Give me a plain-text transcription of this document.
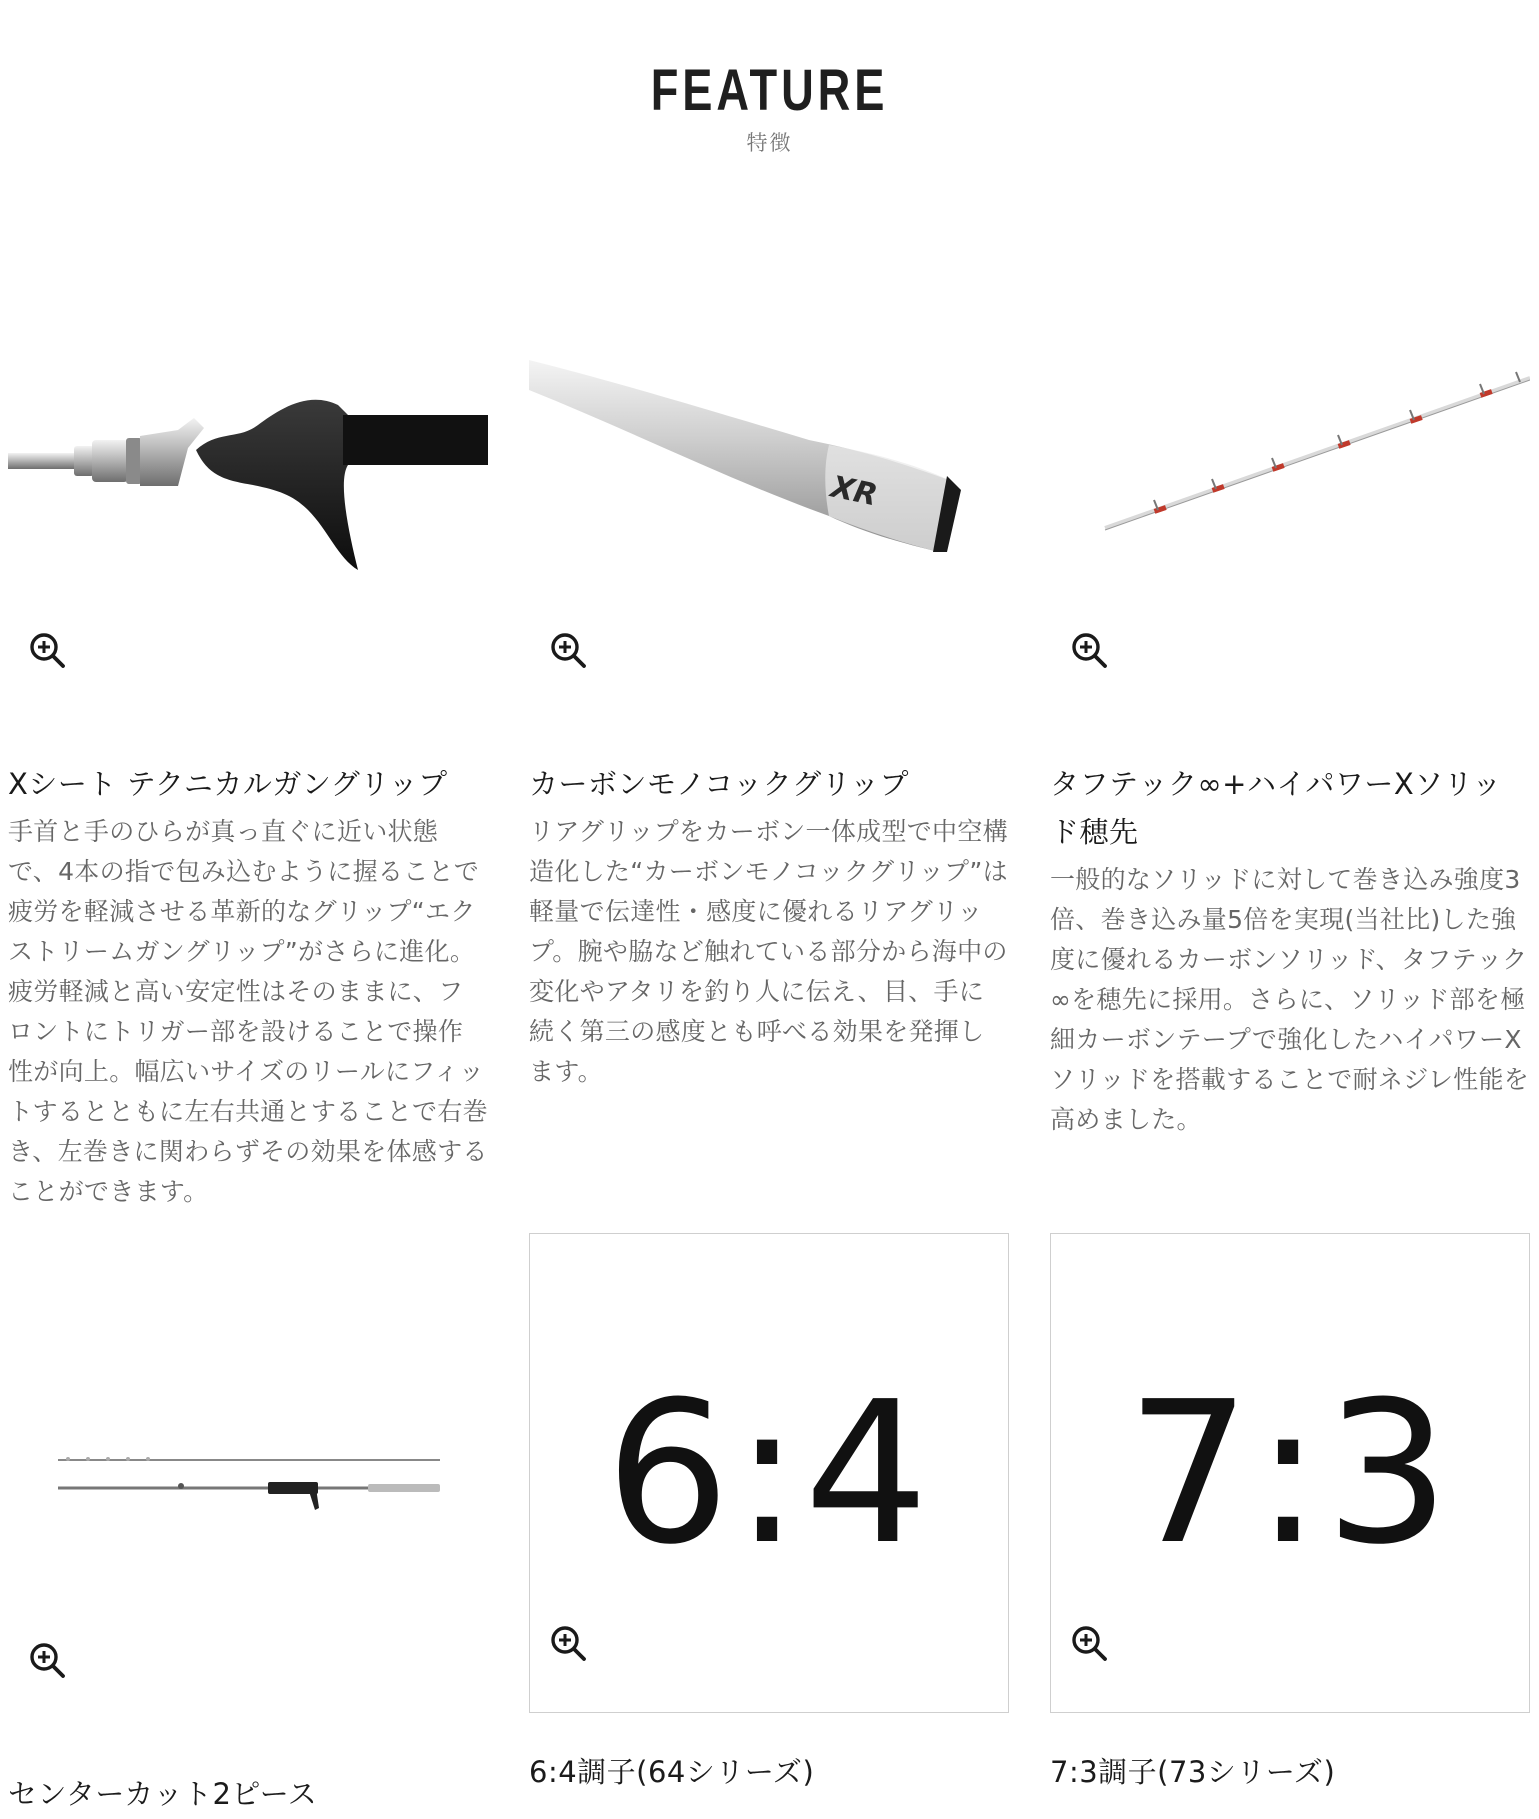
FEATURE
特徴
Xシート テクニカルガングリップ

手首と手のひらが真っ直ぐに近い状態で、4本の指で包み込むように握ることで疲労を軽減させる革新的なグリップ“エクストリームガングリップ”がさらに進化。疲労軽減と高い安定性はそのままに、フロントにトリガー部を設けることで操作性が向上。幅広いサイズのリールにフィットするとともに左右共通とすることで右巻き、左巻きに関わらずその効果を体感することができます。

XR
カーボンモノコックグリップ

リアグリップをカーボン一体成型で中空構造化した“カーボンモノコックグリップ”は軽量で伝達性・感度に優れるリアグリップ。腕や脇など触れている部分から海中の変化やアタリを釣り人に伝え、目、手に続く第三の感度とも呼べる効果を発揮します。

タフテック∞+ハイパワーXソリッド穂先

一般的なソリッドに対して巻き込み強度3倍、巻き込み量5倍を実現(当社比)した強度に優れるカーボンソリッド、タフテック∞を穂先に採用。さらに、ソリッド部を極細カーボンテープで強化したハイパワーXソリッドを搭載することで耐ネジレ性能を高めました。

センターカット2ピース
6:4
6:4調子(64シリーズ)
7:3
7:3調子(73シリーズ)
